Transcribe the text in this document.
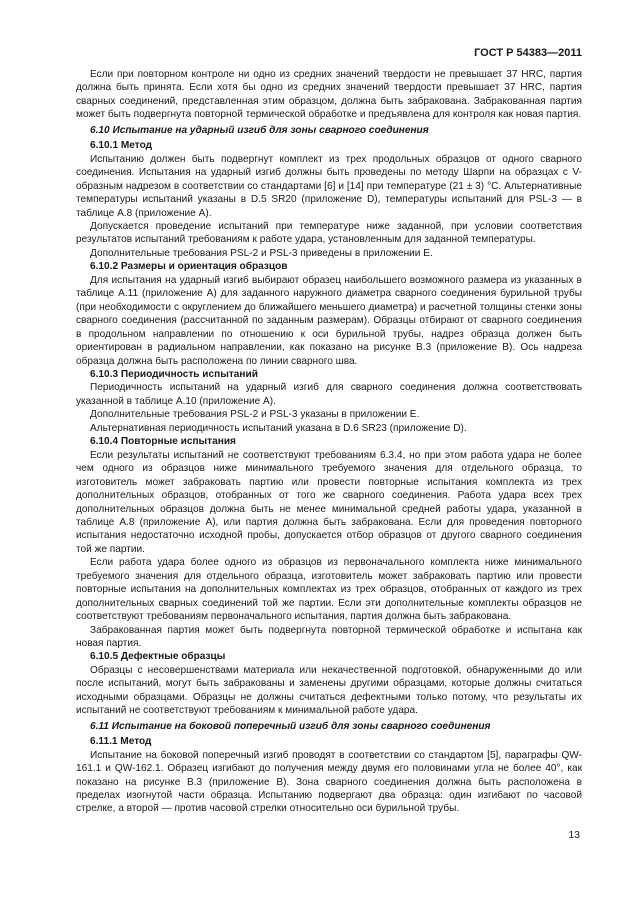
ГОСТ Р 54383—2011

Если при повторном контроле ни одно из средних значений твердости не превышает 37 HRC, партия должна быть принята. Если хотя бы одно из средних значений твердости превышает 37 HRC, партия сварных соединений, представленная этим образцом, должна быть забракована. Забракованная партия может быть подвергнута повторной термической обработке и предъявлена для контроля как новая партия.

6.10 Испытание на ударный изгиб для зоны сварного соединения

6.10.1 Метод

Испытанию должен быть подвергнут комплект из трех продольных образцов от одного сварного соединения. Испытания на ударный изгиб должны быть проведены по методу Шарпи на образцах с V-образным надрезом в соответствии со стандартами [6] и [14] при температуре (21 ± 3) °С. Альтернативные температуры испытаний указаны в D.5 SR20 (приложение D), температуры испытаний для PSL-3 — в таблице А.8 (приложение А).

Допускается проведение испытаний при температуре ниже заданной, при условии соответствия результатов испытаний требованиям к работе удара, установленным для заданной температуры.

Дополнительные требования PSL-2 и PSL-3 приведены в приложении Е.

6.10.2 Размеры и ориентация образцов

Для испытания на ударный изгиб выбирают образец наибольшего возможного размера из указанных в таблице А.11 (приложение А) для заданного наружного диаметра сварного соединения бурильной трубы (при необходимости с округлением до ближайшего меньшего диаметра) и расчетной толщины стенки зоны сварного соединения (рассчитанной по заданным размерам). Образцы отбирают от сварного соединения в продольном направлении по отношению к оси бурильной трубы, надрез образца должен быть ориентирован в радиальном направлении, как показано на рисунке В.3 (приложение В). Ось надреза образца должна быть расположена по линии сварного шва.

6.10.3 Периодичность испытаний

Периодичность испытаний на ударный изгиб для сварного соединения должна соответствовать указанной в таблице А.10 (приложение А).

Дополнительные требования PSL-2 и PSL-3 указаны в приложении Е.

Альтернативная периодичность испытаний указана в D.6 SR23 (приложение D).

6.10.4 Повторные испытания

Если результаты испытаний не соответствуют требованиям 6.3.4, но при этом работа удара не более чем одного из образцов ниже минимального требуемого значения для отдельного образца, то изготовитель может забраковать партию или провести повторные испытания комплекта из трех дополнительных образцов, отобранных от того же сварного соединения. Работа удара всех трех дополнительных образцов должна быть не менее минимальной средней работы удара, указанной в таблице А.8 (приложение А), или партия должна быть забракована. Если для проведения повторного испытания недостаточно исходной пробы, допускается отбор образцов от другого сварного соединения той же партии.

Если работа удара более одного из образцов из первоначального комплекта ниже минимального требуемого значения для отдельного образца, изготовитель может забраковать партию или провести повторные испытания на дополнительных комплектах из трех образцов, отобранных от каждого из трех дополнительных сварных соединений той же партии. Если эти дополнительные комплекты образцов не соответствуют требованиям первоначального испытания, партия должна быть забракована.

Забракованная партия может быть подвергнута повторной термической обработке и испытана как новая партия.

6.10.5 Дефектные образцы

Образцы с несовершенствами материала или некачественной подготовкой, обнаруженными до или после испытаний, могут быть забракованы и заменены другими образцами, которые должны считаться исходными образцами. Образцы не должны считаться дефектными только потому, что результаты их испытаний не соответствуют требованиям к минимальной работе удара.

6.11 Испытание на боковой поперечный изгиб для зоны сварного соединения

6.11.1 Метод

Испытание на боковой поперечный изгиб проводят в соответствии со стандартом [5], параграфы QW-161.1 и QW-162.1. Образец изгибают до получения между двумя его половинами угла не более 40°, как показано на рисунке В.3 (приложение В). Зона сварного соединения должна быть расположена в пределах изогнутой части образца. Испытанию подвергают два образца: один изгибают по часовой стрелке, а второй — против часовой стрелки относительно оси бурильной трубы.

13
